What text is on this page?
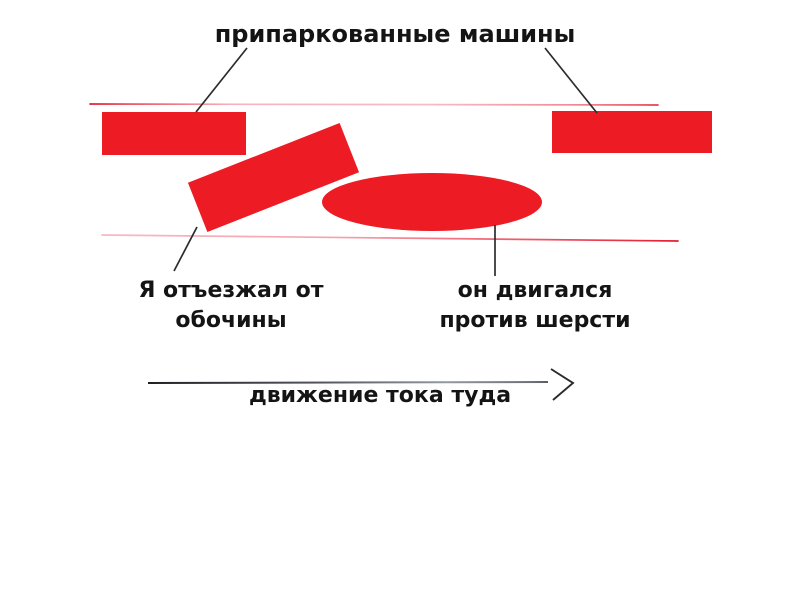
припаркованные машины
Я отъезжал от
обочины
он двигался
против шерсти
движение тока туда
